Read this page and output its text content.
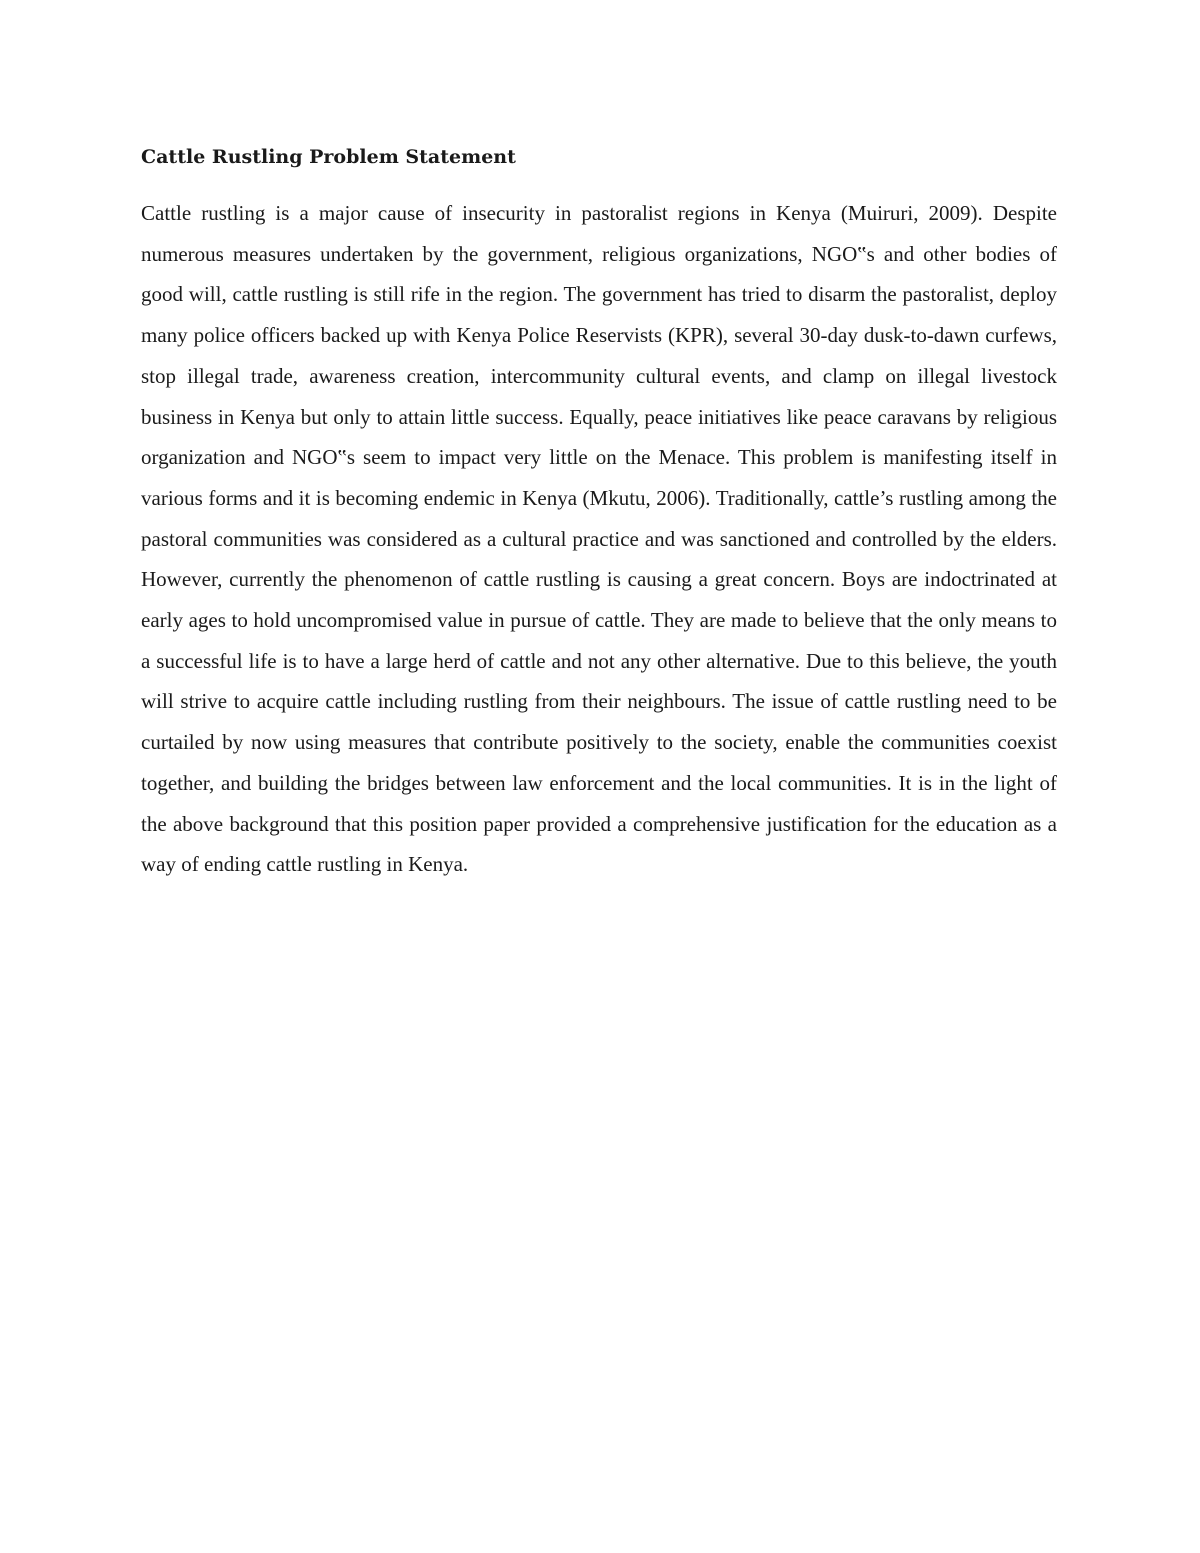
Cattle Rustling Problem Statement

Cattle rustling is a major cause of insecurity in pastoralist regions in Kenya (Muiruri, 2009). Despite numerous measures undertaken by the government, religious organizations, NGO‟s and other bodies of good will, cattle rustling is still rife in the region. The government has tried to disarm the pastoralist, deploy many police officers backed up with Kenya Police Reservists (KPR), several 30-day dusk-to-dawn curfews, stop illegal trade, awareness creation, intercommunity cultural events, and clamp on illegal livestock business in Kenya but only to attain little success. Equally, peace initiatives like peace caravans by religious organization and NGO‟s seem to impact very little on the Menace. This problem is manifesting itself in various forms and it is becoming endemic in Kenya (Mkutu, 2006). Traditionally, cattle’s rustling among the pastoral communities was considered as a cultural practice and was sanctioned and controlled by the elders. However, currently the phenomenon of cattle rustling is causing a great concern. Boys are indoctrinated at early ages to hold uncompromised value in pursue of cattle. They are made to believe that the only means to a successful life is to have a large herd of cattle and not any other alternative. Due to this believe, the youth will strive to acquire cattle including rustling from their neighbours. The issue of cattle rustling need to be curtailed by now using measures that contribute positively to the society, enable the communities coexist together, and building the bridges between law enforcement and the local communities. It is in the light of the above background that this position paper provided a comprehensive justification for the education as a way of ending cattle rustling in Kenya.
